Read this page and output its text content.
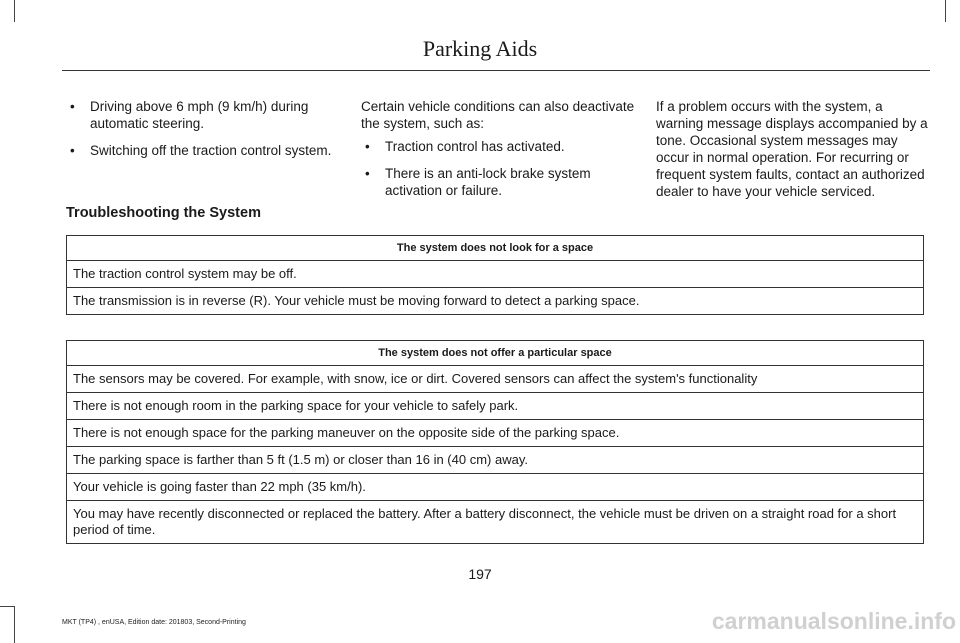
Parking Aids
• Driving above 6 mph (9 km/h) during automatic steering.
• Switching off the traction control system.

Certain vehicle conditions can also deactivate the system, such as:

• Traction control has activated.
• There is an anti-lock brake system activation or failure.

If a problem occurs with the system, a warning message displays accompanied by a tone. Occasional system messages may occur in normal operation. For recurring or frequent system faults, contact an authorized dealer to have your vehicle serviced.

Troubleshooting the System
The system does not look for a space
The traction control system may be off.
The transmission is in reverse (R). Your vehicle must be moving forward to detect a parking space.
The system does not offer a particular space
The sensors may be covered. For example, with snow, ice or dirt. Covered sensors can affect the system's functionality
There is not enough room in the parking space for your vehicle to safely park.
There is not enough space for the parking maneuver on the opposite side of the parking space.
The parking space is farther than 5 ft (1.5 m) or closer than 16 in (40 cm) away.
Your vehicle is going faster than 22 mph (35 km/h).
You may have recently disconnected or replaced the battery. After a battery disconnect, the vehicle must be driven on a straight road for a short period of time.
197
MKT (TP4) , enUSA, Edition date: 201803, Second-Printing	carmanualsonline.info
